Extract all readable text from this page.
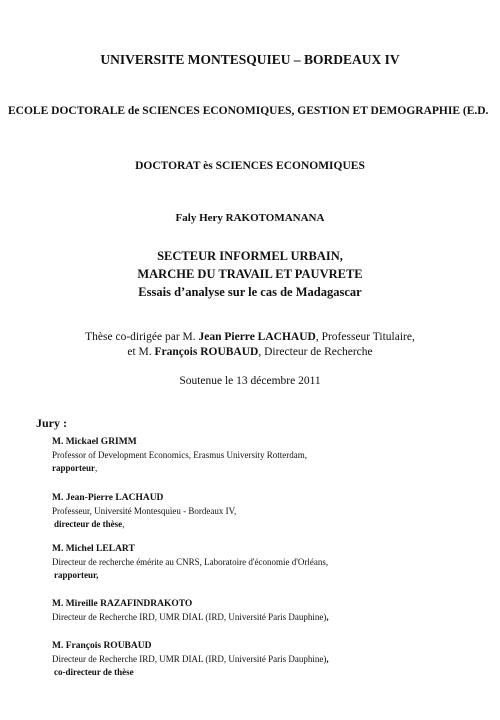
UNIVERSITE MONTESQUIEU – BORDEAUX IV
ECOLE DOCTORALE de SCIENCES ECONOMIQUES, GESTION ET DEMOGRAPHIE (E.D.
DOCTORAT ès SCIENCES ECONOMIQUES
Faly Hery RAKOTOMANANA
SECTEUR INFORMEL URBAIN,
MARCHE DU TRAVAIL ET PAUVRETE
Essais d’analyse sur le cas de Madagascar
Thèse co-dirigée par M. Jean Pierre LACHAUD, Professeur Titulaire,
et M. François ROUBAUD, Directeur de Recherche
Soutenue le 13 décembre 2011
Jury :
M. Mickael GRIMM
Professor of Development Economics, Erasmus University Rotterdam,
rapporteur,
M. Jean-Pierre LACHAUD
Professeur, Université Montesquieu - Bordeaux IV,
directeur de thèse,
M. Michel LELART
Directeur de recherche émérite au CNRS, Laboratoire d'économie d'Orléans,
rapporteur,
M. Mireille RAZAFINDRAKOTO
Directeur de Recherche IRD, UMR DIAL (IRD, Université Paris Dauphine),
M. François ROUBAUD
Directeur de Recherche IRD, UMR DIAL (IRD, Université Paris Dauphine),
co-directeur de thèse
